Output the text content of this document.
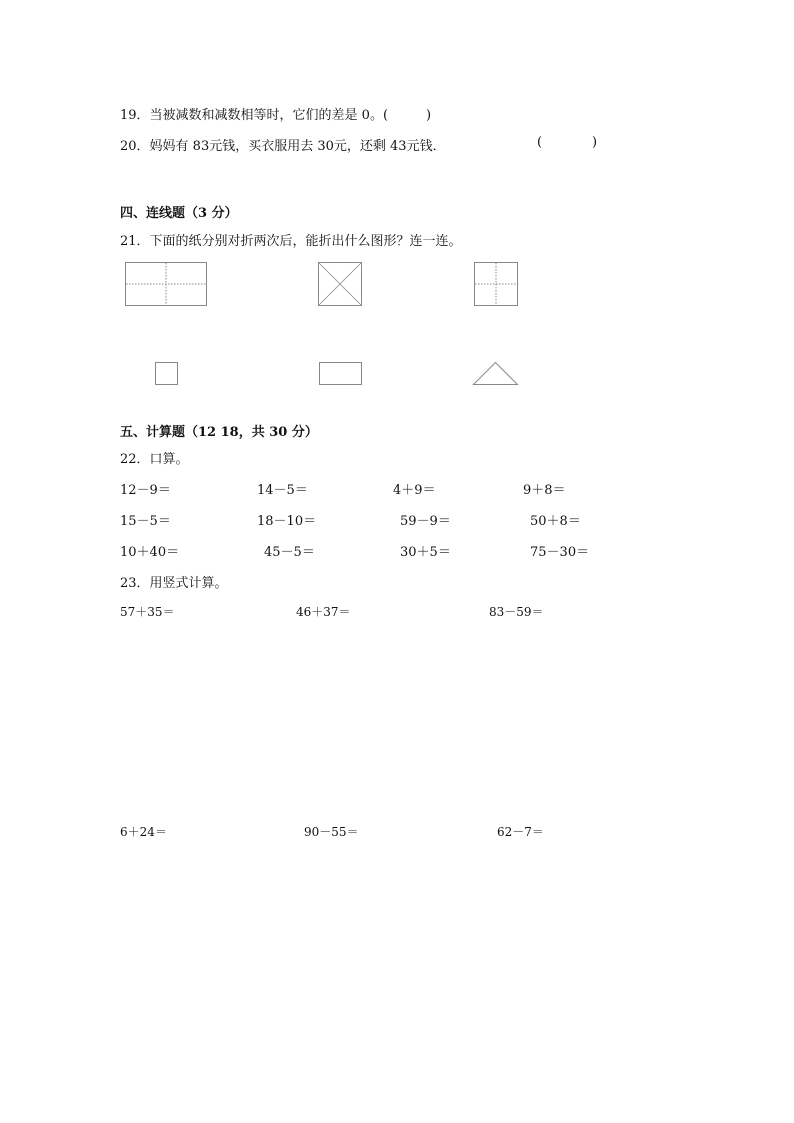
19．当被减数和减数相等时，它们的差是 0。(	)
20．妈妈有 83元钱，买衣服用去 30元，还剩 43元钱．	(	)
四、连线题（3 分）
21．下面的纸分别对折两次后，能折出什么图形？连一连。
五、计算题（12 18，共 30 分）
22．口算。
12－9＝	14－5＝	4＋9＝	9＋8＝
15－5＝	18－10＝	59－9＝	50＋8＝
10＋40＝	45－5＝	30＋5＝	75－30＝
23．用竖式计算。
57＋35＝	46＋37＝	83－59＝
6＋24＝	90－55＝	62－7＝
